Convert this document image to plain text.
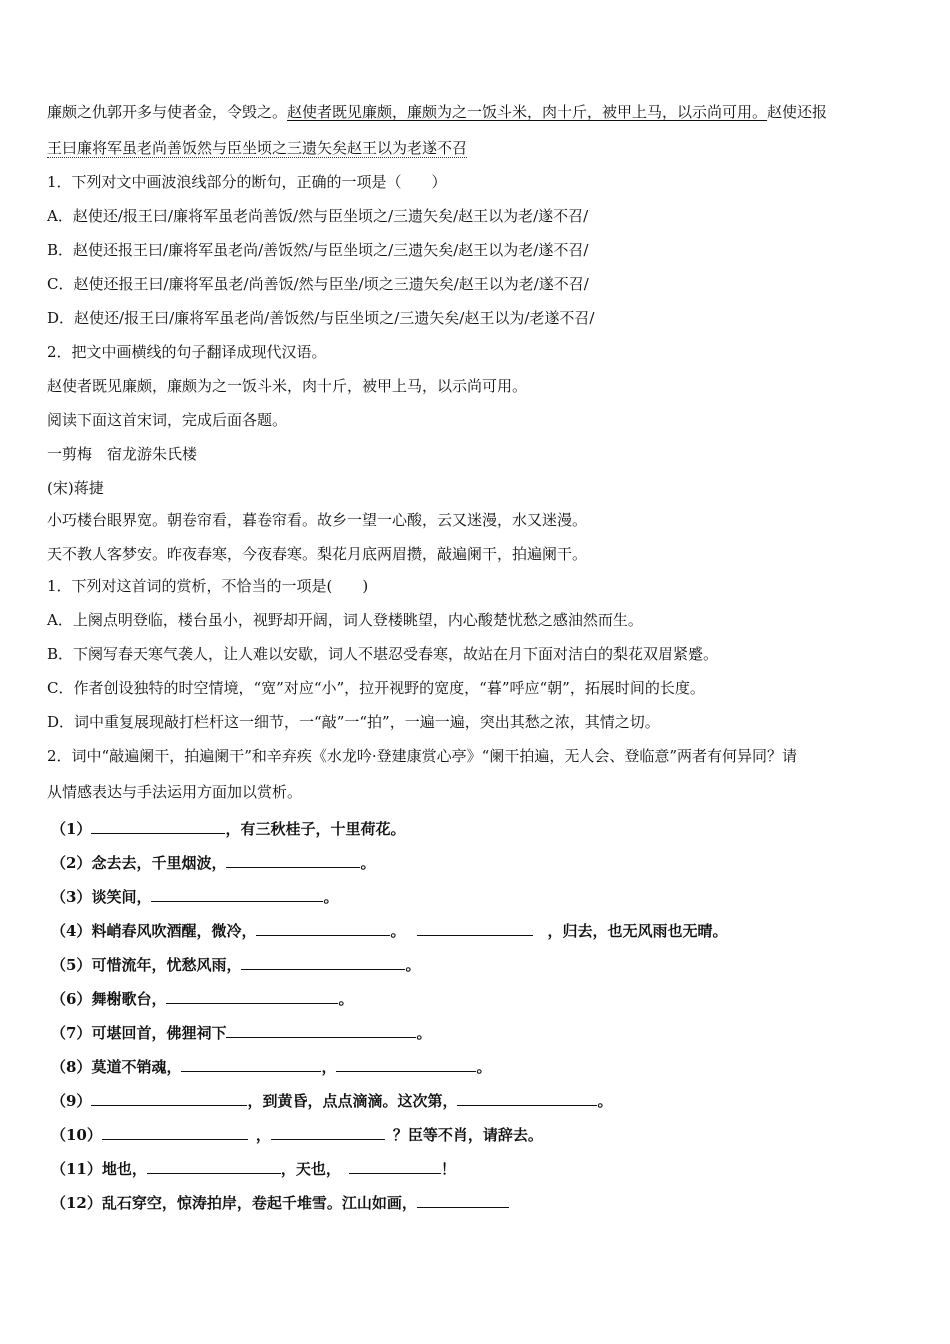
廉颇之仇郭开多与使者金，令毁之。赵使者既见廉颇，廉颇为之一饭斗米，肉十斤，被甲上马，以示尚可用。赵使还报
王曰廉将军虽老尚善饭然与臣坐顷之三遗矢矣赵王以为老遂不召
1．下列对文中画波浪线部分的断句，正确的一项是（　　）
A．赵使还/报王曰/廉将军虽老尚善饭/然与臣坐顷之/三遗矢矣/赵王以为老/遂不召/
B．赵使还报王曰/廉将军虽老尚/善饭然/与臣坐顷之/三遗矢矣/赵王以为老/遂不召/
C．赵使还报王曰/廉将军虽老/尚善饭/然与臣坐/顷之三遗矢矣/赵王以为老/遂不召/
D．赵使还/报王曰/廉将军虽老尚/善饭然/与臣坐顷之/三遗矢矣/赵王以为/老遂不召/
2．把文中画横线的句子翻译成现代汉语。
赵使者既见廉颇，廉颇为之一饭斗米，肉十斤，被甲上马，以示尚可用。
阅读下面这首宋词，完成后面各题。
一剪梅　宿龙游朱氏楼
(宋)蒋捷
小巧楼台眼界宽。朝卷帘看，暮卷帘看。故乡一望一心酸，云又迷漫，水又迷漫。
天不教人客梦安。昨夜春寒，今夜春寒。梨花月底两眉攒，敲遍阑干，拍遍阑干。
1．下列对这首词的赏析，不恰当的一项是(　　)
A．上阕点明登临，楼台虽小，视野却开阔，词人登楼眺望，内心酸楚忧愁之感油然而生。
B．下阕写春天寒气袭人，让人难以安歇，词人不堪忍受春寒，故站在月下面对洁白的梨花双眉紧蹙。
C．作者创设独特的时空情境，“宽”对应“小”，拉开视野的宽度，“暮”呼应“朝”，拓展时间的长度。
D．词中重复展现敲打栏杆这一细节，一“敲”一“拍”，一遍一遍，突出其愁之浓，其情之切。
2．词中“敲遍阑干，拍遍阑干”和辛弃疾《水龙吟·登建康赏心亭》“阑干拍遍，无人会、登临意”两者有何异同？请
从情感表达与手法运用方面加以赏析。
（1）	，有三秋桂子，十里荷花。
（2）念去去，千里烟波，	。
（3）谈笑间，	。
（4）料峭春风吹酒醒，微冷，	。	，归去，也无风雨也无晴。
（5）可惜流年，忧愁风雨，	。
（6）舞榭歌台，	。
（7）可堪回首，佛狸祠下	。
（8）莫道不销魂，	，	。
（9）	，到黄昏，点点滴滴。这次第，	。
（10）	，	？臣等不肖，请辞去。
（11）地也，	，天也，	！
（12）乱石穿空，惊涛拍岸，卷起千堆雪。江山如画，
